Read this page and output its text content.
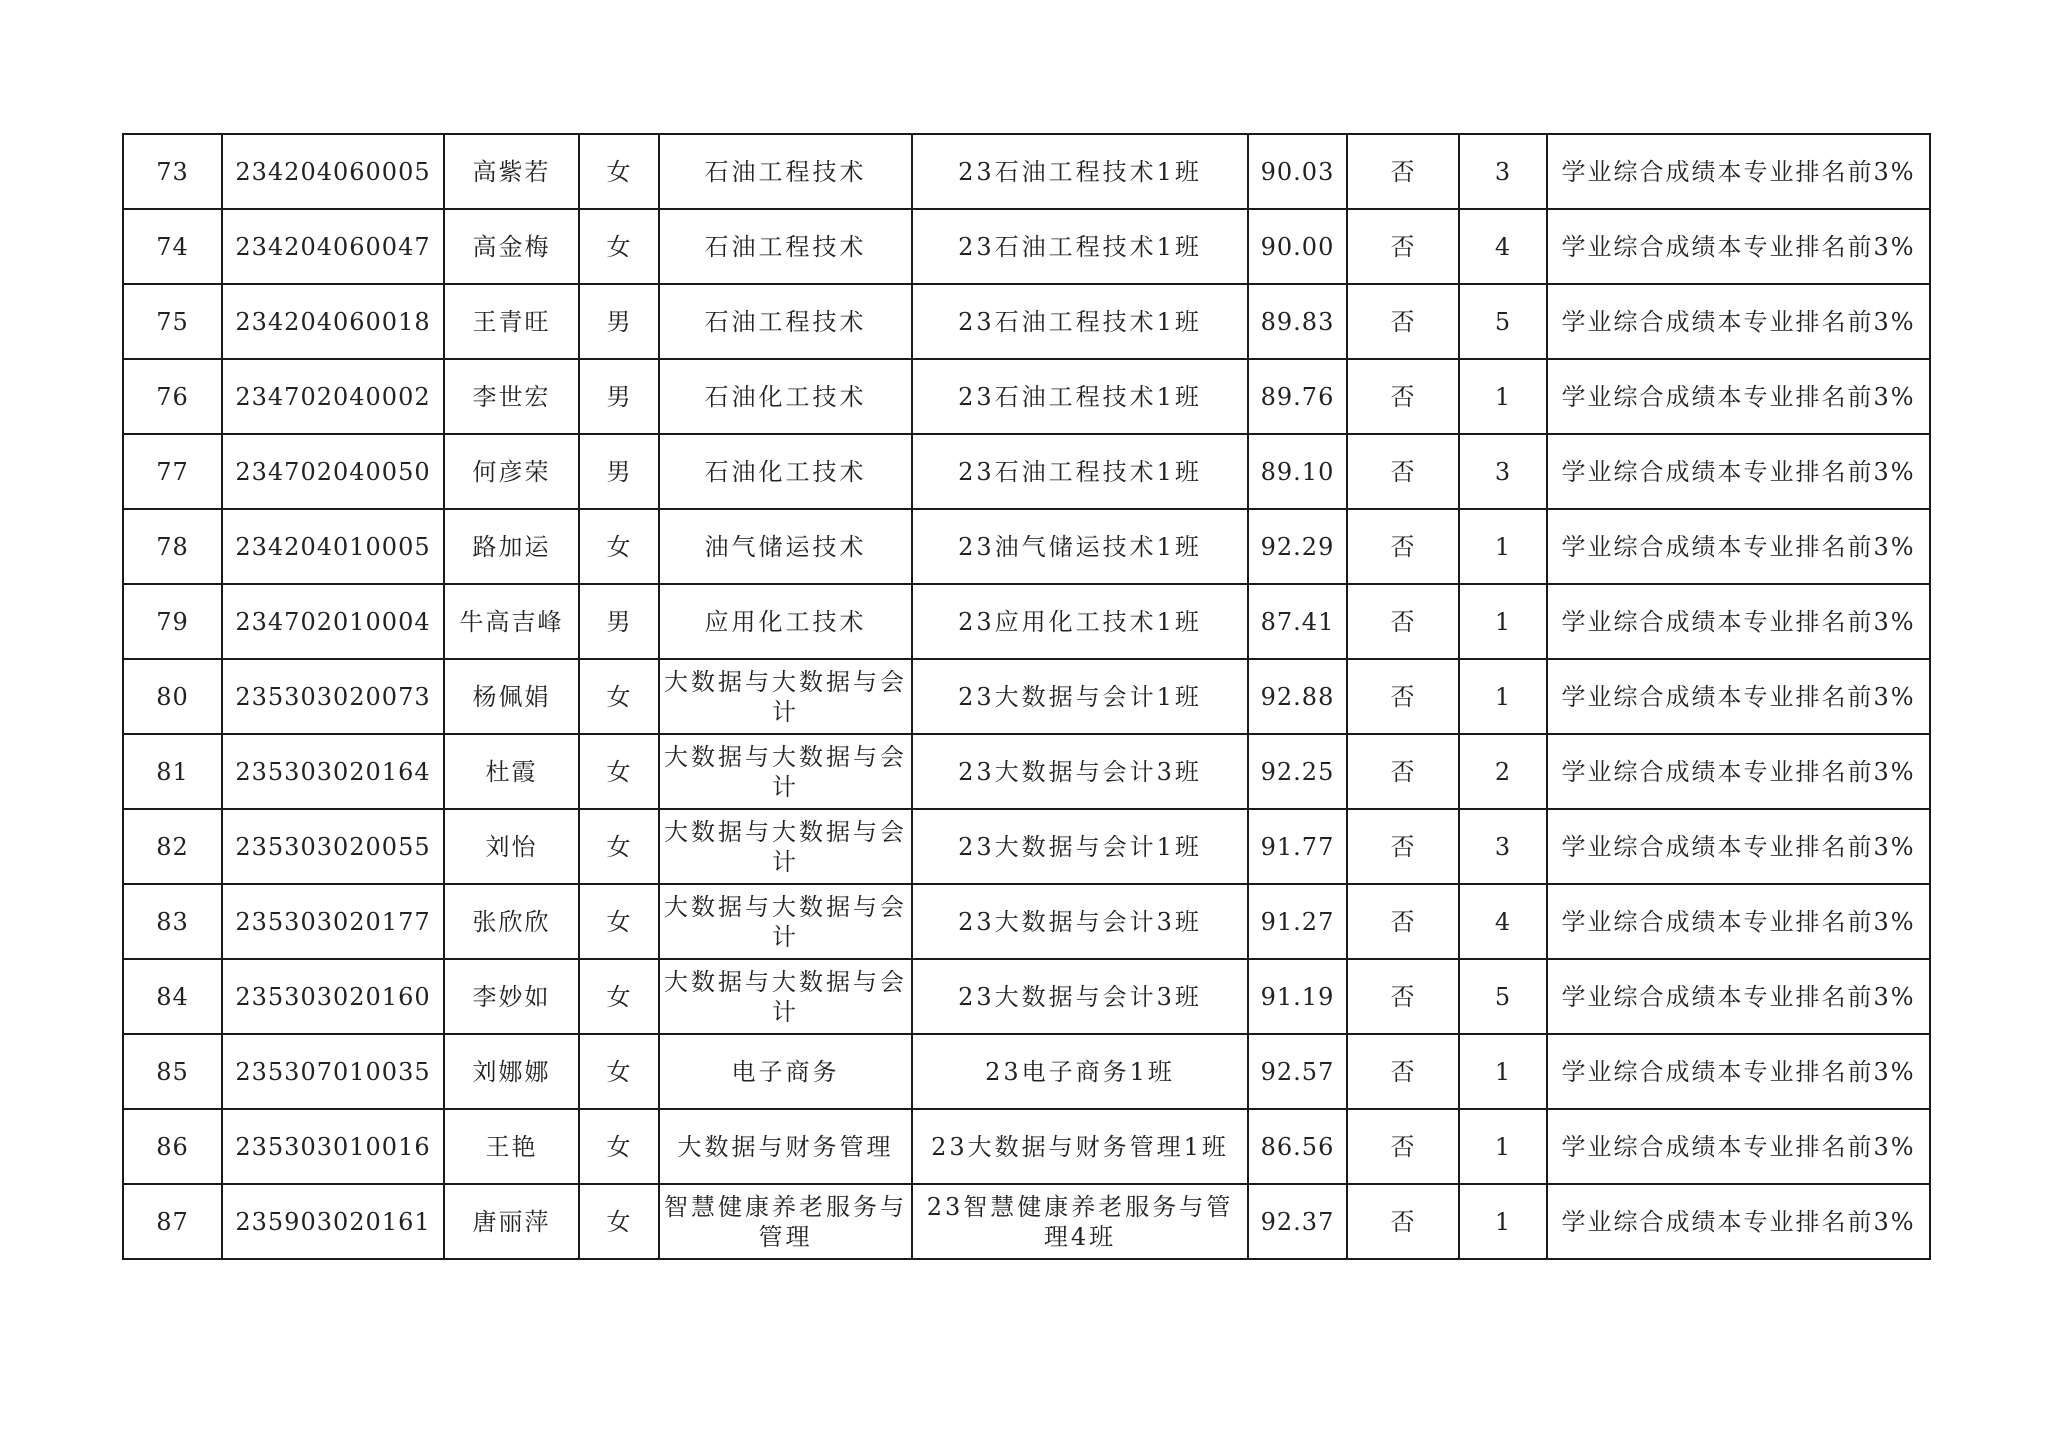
73	234204060005	高紫若	女	石油工程技术	23石油工程技术1班	90.03	否	3	学业综合成绩本专业排名前3%
74	234204060047	高金梅	女	石油工程技术	23石油工程技术1班	90.00	否	4	学业综合成绩本专业排名前3%
75	234204060018	王青旺	男	石油工程技术	23石油工程技术1班	89.83	否	5	学业综合成绩本专业排名前3%
76	234702040002	李世宏	男	石油化工技术	23石油工程技术1班	89.76	否	1	学业综合成绩本专业排名前3%
77	234702040050	何彦荣	男	石油化工技术	23石油工程技术1班	89.10	否	3	学业综合成绩本专业排名前3%
78	234204010005	路加运	女	油气储运技术	23油气储运技术1班	92.29	否	1	学业综合成绩本专业排名前3%
79	234702010004	牛高吉峰	男	应用化工技术	23应用化工技术1班	87.41	否	1	学业综合成绩本专业排名前3%
80	235303020073	杨佩娟	女	大数据与大数据与会计	23大数据与会计1班	92.88	否	1	学业综合成绩本专业排名前3%
81	235303020164	杜霞	女	大数据与大数据与会计	23大数据与会计3班	92.25	否	2	学业综合成绩本专业排名前3%
82	235303020055	刘怡	女	大数据与大数据与会计	23大数据与会计1班	91.77	否	3	学业综合成绩本专业排名前3%
83	235303020177	张欣欣	女	大数据与大数据与会计	23大数据与会计3班	91.27	否	4	学业综合成绩本专业排名前3%
84	235303020160	李妙如	女	大数据与大数据与会计	23大数据与会计3班	91.19	否	5	学业综合成绩本专业排名前3%
85	235307010035	刘娜娜	女	电子商务	23电子商务1班	92.57	否	1	学业综合成绩本专业排名前3%
86	235303010016	王艳	女	大数据与财务管理	23大数据与财务管理1班	86.56	否	1	学业综合成绩本专业排名前3%
87	235903020161	唐丽萍	女	智慧健康养老服务与管理	23智慧健康养老服务与管理4班	92.37	否	1	学业综合成绩本专业排名前3%
